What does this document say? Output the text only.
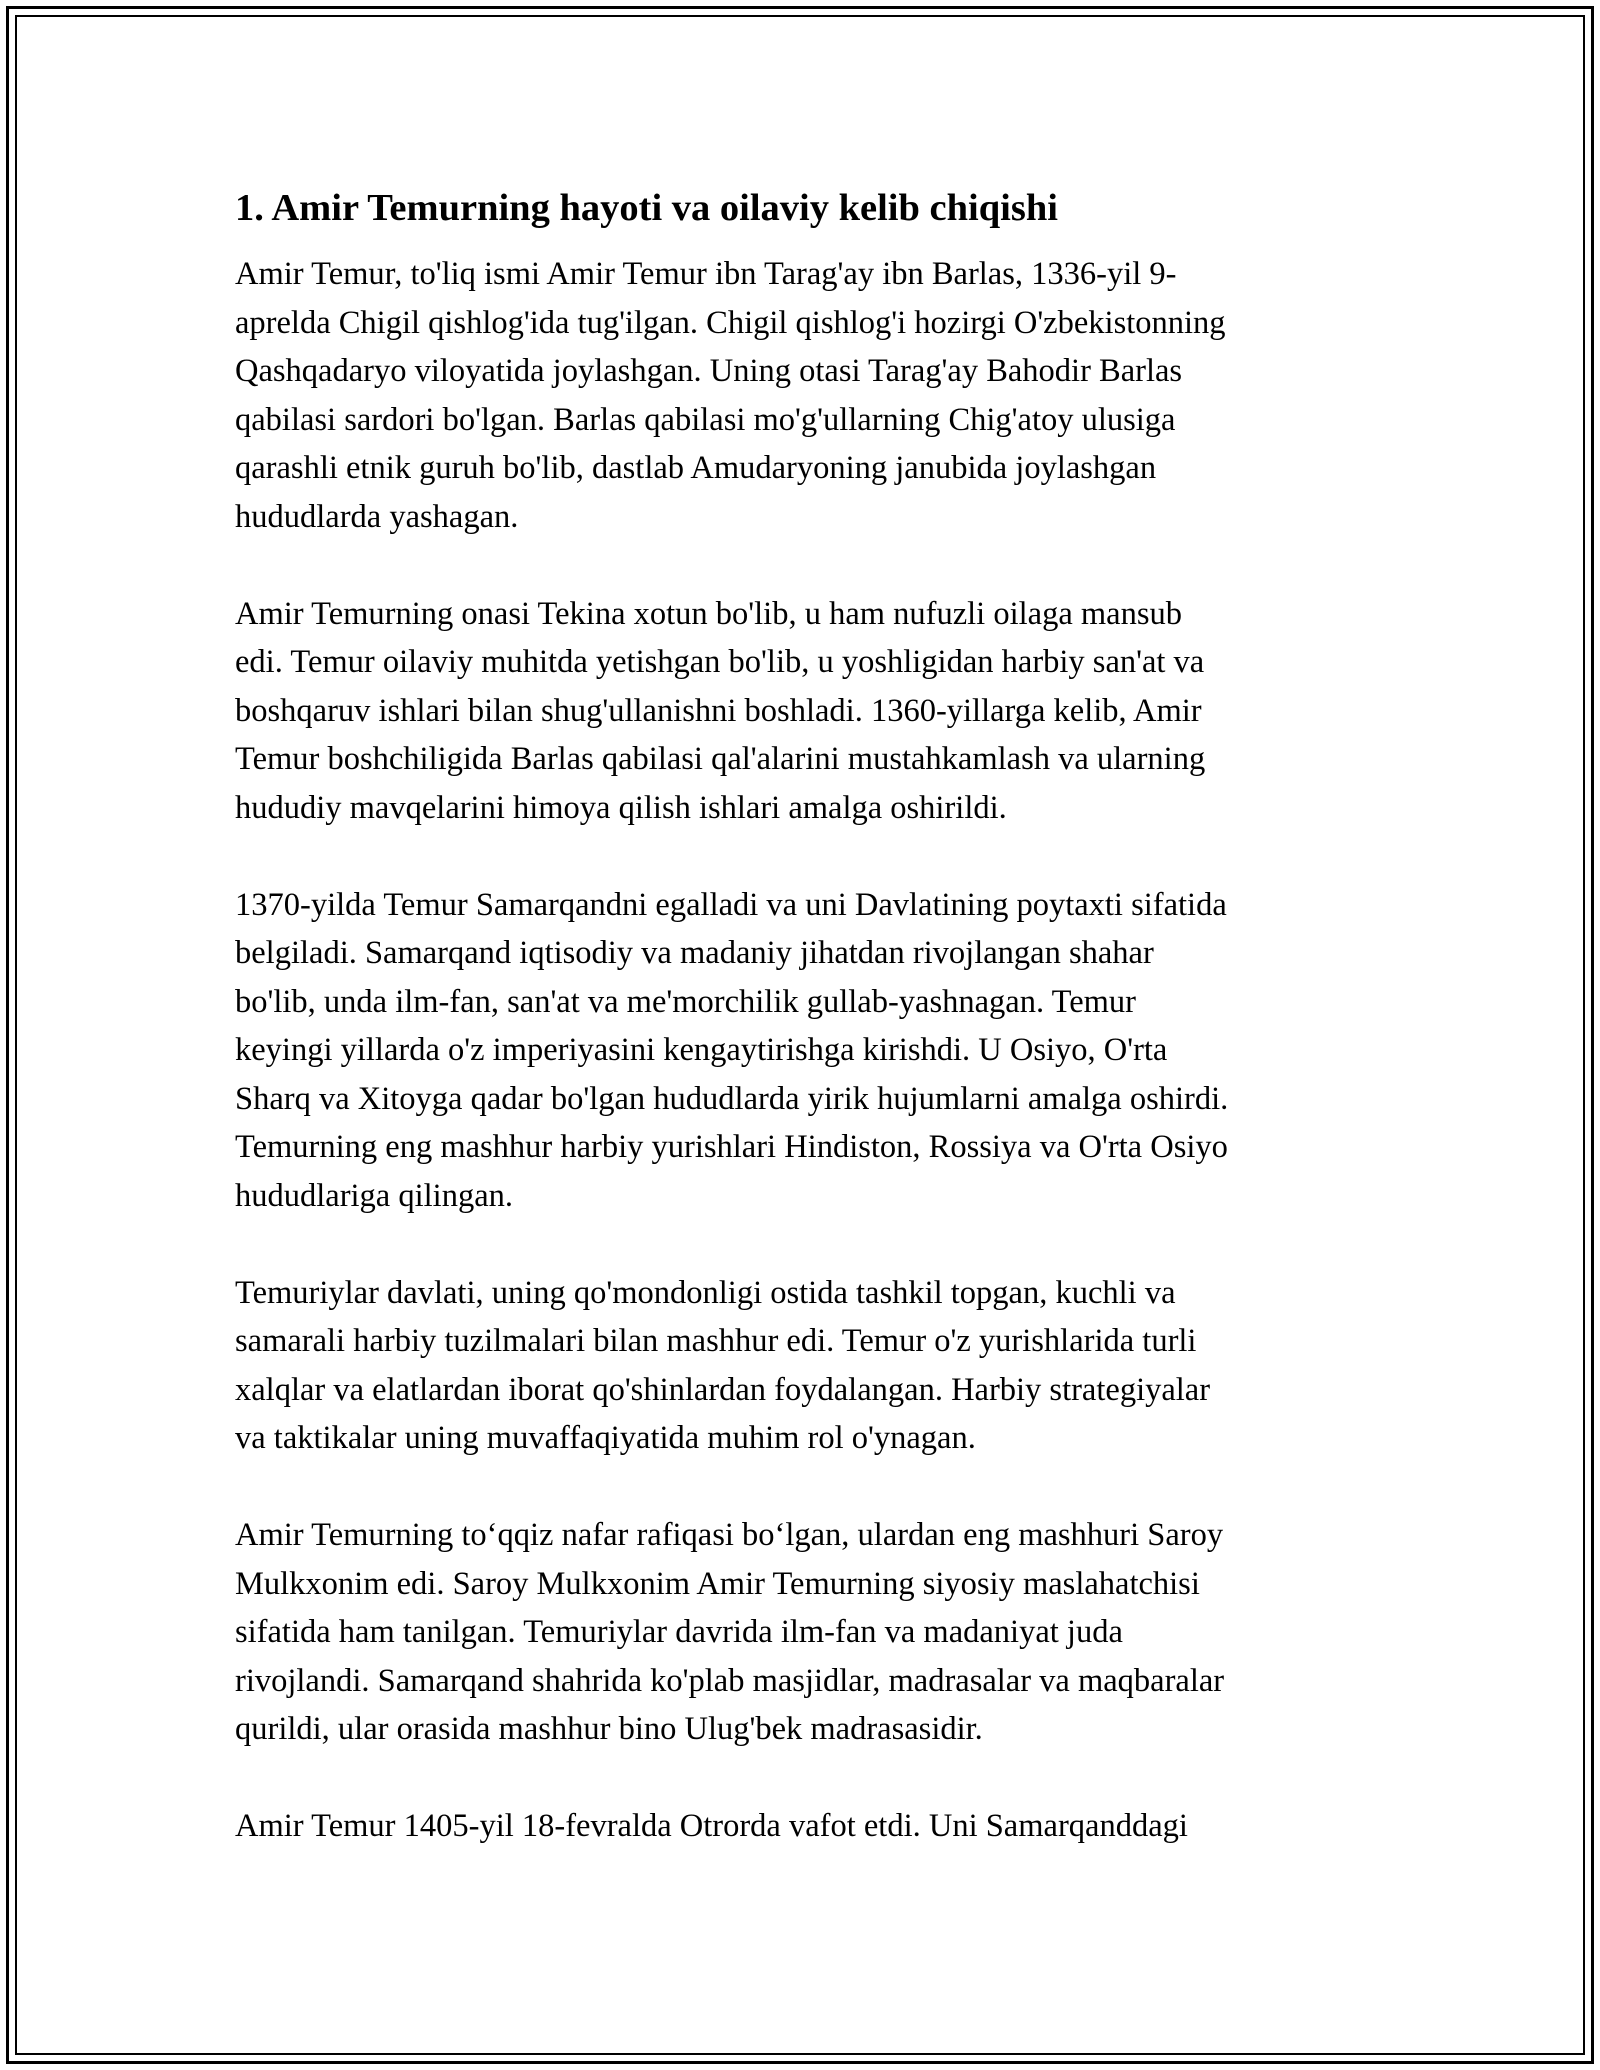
1. Amir Temurning hayoti va oilaviy kelib chiqishi

Amir Temur, to'liq ismi Amir Temur ibn Tarag'ay ibn Barlas, 1336-yil 9-
aprelda Chigil qishlog'ida tug'ilgan. Chigil qishlog'i hozirgi O'zbekistonning
Qashqadaryo viloyatida joylashgan. Uning otasi Tarag'ay Bahodir Barlas
qabilasi sardori bo'lgan. Barlas qabilasi mo'g'ullarning Chig'atoy ulusiga
qarashli etnik guruh bo'lib, dastlab Amudaryoning janubida joylashgan
hududlarda yashagan.

Amir Temurning onasi Tekina xotun bo'lib, u ham nufuzli oilaga mansub
edi. Temur oilaviy muhitda yetishgan bo'lib, u yoshligidan harbiy san'at va
boshqaruv ishlari bilan shug'ullanishni boshladi. 1360-yillarga kelib, Amir
Temur boshchiligida Barlas qabilasi qal'alarini mustahkamlash va ularning
hududiy mavqelarini himoya qilish ishlari amalga oshirildi.

1370-yilda Temur Samarqandni egalladi va uni Davlatining poytaxti sifatida
belgiladi. Samarqand iqtisodiy va madaniy jihatdan rivojlangan shahar
bo'lib, unda ilm-fan, san'at va me'morchilik gullab-yashnagan. Temur
keyingi yillarda o'z imperiyasini kengaytirishga kirishdi. U Osiyo, O'rta
Sharq va Xitoyga qadar bo'lgan hududlarda yirik hujumlarni amalga oshirdi.
Temurning eng mashhur harbiy yurishlari Hindiston, Rossiya va O'rta Osiyo
hududlariga qilingan.

Temuriylar davlati, uning qo'mondonligi ostida tashkil topgan, kuchli va
samarali harbiy tuzilmalari bilan mashhur edi. Temur o'z yurishlarida turli
xalqlar va elatlardan iborat qo'shinlardan foydalangan. Harbiy strategiyalar
va taktikalar uning muvaffaqiyatida muhim rol o'ynagan.

Amir Temurning to‘qqiz nafar rafiqasi bo‘lgan, ulardan eng mashhuri Saroy
Mulkxonim edi. Saroy Mulkxonim Amir Temurning siyosiy maslahatchisi
sifatida ham tanilgan. Temuriylar davrida ilm-fan va madaniyat juda
rivojlandi. Samarqand shahrida ko'plab masjidlar, madrasalar va maqbaralar
qurildi, ular orasida mashhur bino Ulug'bek madrasasidir.

Amir Temur 1405-yil 18-fevralda Otrorda vafot etdi. Uni Samarqanddagi
